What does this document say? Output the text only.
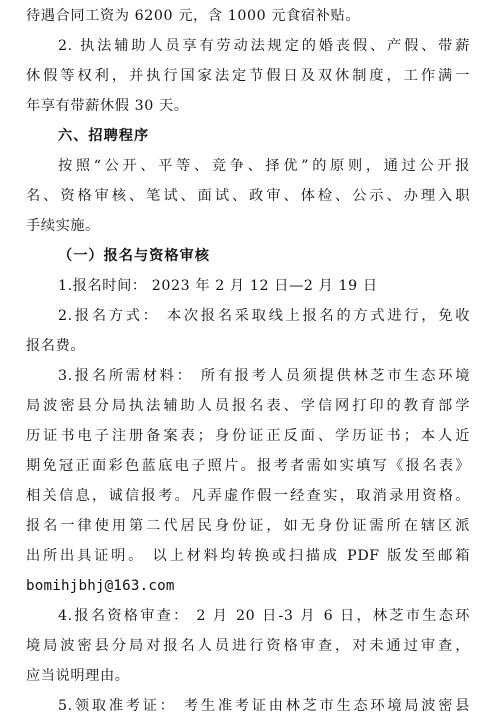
待遇合同工资为 6200 元，含 1000 元食宿补贴。
2. 执法辅助人员享有劳动法规定的婚丧假、产假、带薪
休假等权利，并执行国家法定节假日及双休制度，工作满一
年享有带薪休假 30 天。
六、招聘程序
按照“公开、平等、竞争、择优”的原则，通过公开报
名、资格审核、笔试、面试、政审、体检、公示、办理入职
手续实施。
（一）报名与资格审核
1.报名时间： 2023 年 2 月 12 日—2 月 19 日
2.报名方式： 本次报名采取线上报名的方式进行，免收
报名费。
3.报名所需材料： 所有报考人员须提供林芝市生态环境
局波密县分局执法辅助人员报名表、学信网打印的教育部学
历证书电子注册备案表；身份证正反面、学历证书；本人近
期免冠正面彩色蓝底电子照片。报考者需如实填写《报名表》
相关信息，诚信报考。凡弄虚作假一经查实，取消录用资格。
报名一律使用第二代居民身份证，如无身份证需所在辖区派
出所出具证明。 以上材料均转换或扫描成 PDF 版发至邮箱
bomihjbhj@163.com
4.报名资格审查： 2 月 20 日-3 月 6 日，林芝市生态环
境局波密县分局对报名人员进行资格审查，对未通过审查，
应当说明理由。
5.领取准考证： 考生准考证由林芝市生态环境局波密县
